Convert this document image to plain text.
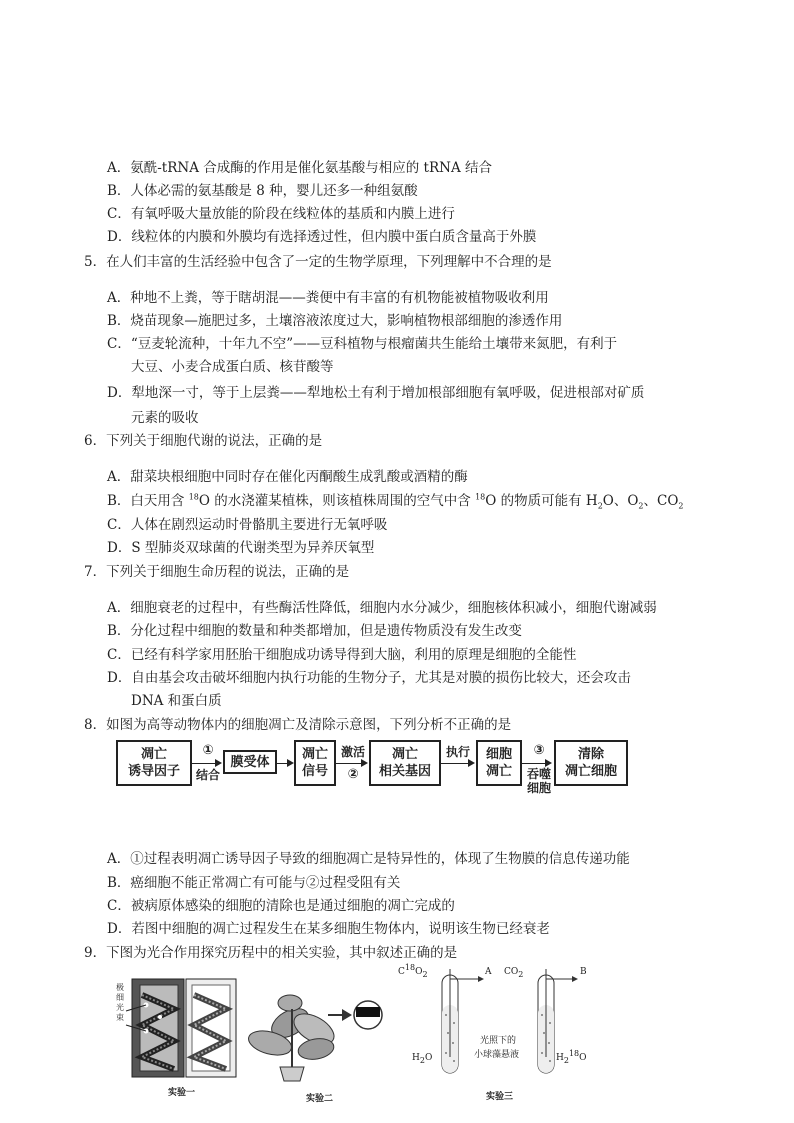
A．氨酰-tRNA 合成酶的作用是催化氨基酸与相应的 tRNA 结合
B．人体必需的氨基酸是 8 种，婴儿还多一种组氨酸
C．有氧呼吸大量放能的阶段在线粒体的基质和内膜上进行
D．线粒体的内膜和外膜均有选择透过性，但内膜中蛋白质含量高于外膜
5．在人们丰富的生活经验中包含了一定的生物学原理，下列理解中不合理的是
A．种地不上粪，等于瞎胡混——粪便中有丰富的有机物能被植物吸收利用
B．烧苗现象—施肥过多，土壤溶液浓度过大，影响植物根部细胞的渗透作用
C．“豆麦轮流种，十年九不空”——豆科植物与根瘤菌共生能给土壤带来氮肥，有利于
大豆、小麦合成蛋白质、核苷酸等
D．犁地深一寸，等于上层粪——犁地松土有利于增加根部细胞有氧呼吸，促进根部对矿质
元素的吸收
6．下列关于细胞代谢的说法，正确的是
A．甜菜块根细胞中同时存在催化丙酮酸生成乳酸或酒精的酶
B．白天用含 $^{18}$O 的水浇灌某植株，则该植株周围的空气中含 $^{18}$O 的物质可能有 $H_2O$、$O_2$、$CO_2$
C．人体在剧烈运动时骨骼肌主要进行无氧呼吸
D．S 型肺炎双球菌的代谢类型为异养厌氧型
7．下列关于细胞生命历程的说法，正确的是
A．细胞衰老的过程中，有些酶活性降低，细胞内水分减少，细胞核体积减小，细胞代谢减弱
B．分化过程中细胞的数量和种类都增加，但是遗传物质没有发生改变
C．已经有科学家用胚胎干细胞成功诱导得到大脑，利用的原理是细胞的全能性
D．自由基会攻击破坏细胞内执行功能的生物分子，尤其是对膜的损伤比较大，还会攻击
DNA 和蛋白质
8．如图为高等动物体内的细胞凋亡及清除示意图，下列分析不正确的是
凋亡
诱导因子
①
结合
膜受体	凋亡
信号
激活
②
凋亡
相关基因
执行	细胞
凋亡
③
吞噬
细胞
清除
凋亡细胞
A．①过程表明凋亡诱导因子导致的细胞凋亡是特异性的，体现了生物膜的信息传递功能
B．癌细胞不能正常凋亡有可能与②过程受阻有关
C．被病原体感染的细胞的清除也是通过细胞的凋亡完成的
D．若图中细胞的凋亡过程发生在某多细胞生物体内，说明该生物已经衰老
9．下图为光合作用探究历程中的相关实验，其中叙述正确的是
极细光束
实验一
实验二
$C^{18}O_2$	A $CO_2$	B
光照下的
小球藻悬液
$H_2O$	$H_2^{18}O$
实验三
